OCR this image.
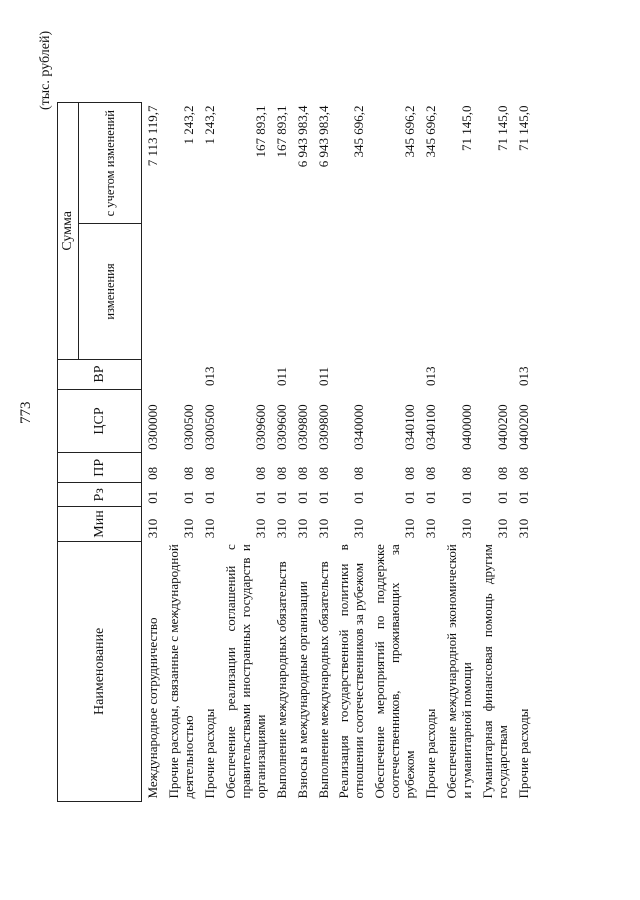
773
(тыс. рублей)
Наименование	Мин	Рз	ПР	ЦСР	ВР	Сумма	
						изменения	с учетом изменений
Международное сотрудничество	310	01	08	0300000			7 113 119,7
Прочие расходы, связанные с международной деятельностью	310	01	08	0300500			1 243,2
Прочие расходы	310	01	08	0300500	013		1 243,2
Обеспечение реализации соглашений с правительствами иностранных государств и организациями	310	01	08	0309600			167 893,1
Выполнение международных обязательств	310	01	08	0309600	011		167 893,1
Взносы в международные организации	310	01	08	0309800			6 943 983,4
Выполнение международных обязательств	310	01	08	0309800	011		6 943 983,4
Реализация государственной политики в отношении соотечественников за рубежом	310	01	08	0340000			345 696,2
Обеспечение мероприятий по поддержке соотечественников, проживающих за рубежом	310	01	08	0340100			345 696,2
Прочие расходы	310	01	08	0340100	013		345 696,2
Обеспечение международной экономической и гуманитарной помощи	310	01	08	0400000			71 145,0
Гуманитарная финансовая помощь другим государствам	310	01	08	0400200			71 145,0
Прочие расходы	310	01	08	0400200	013		71 145,0
